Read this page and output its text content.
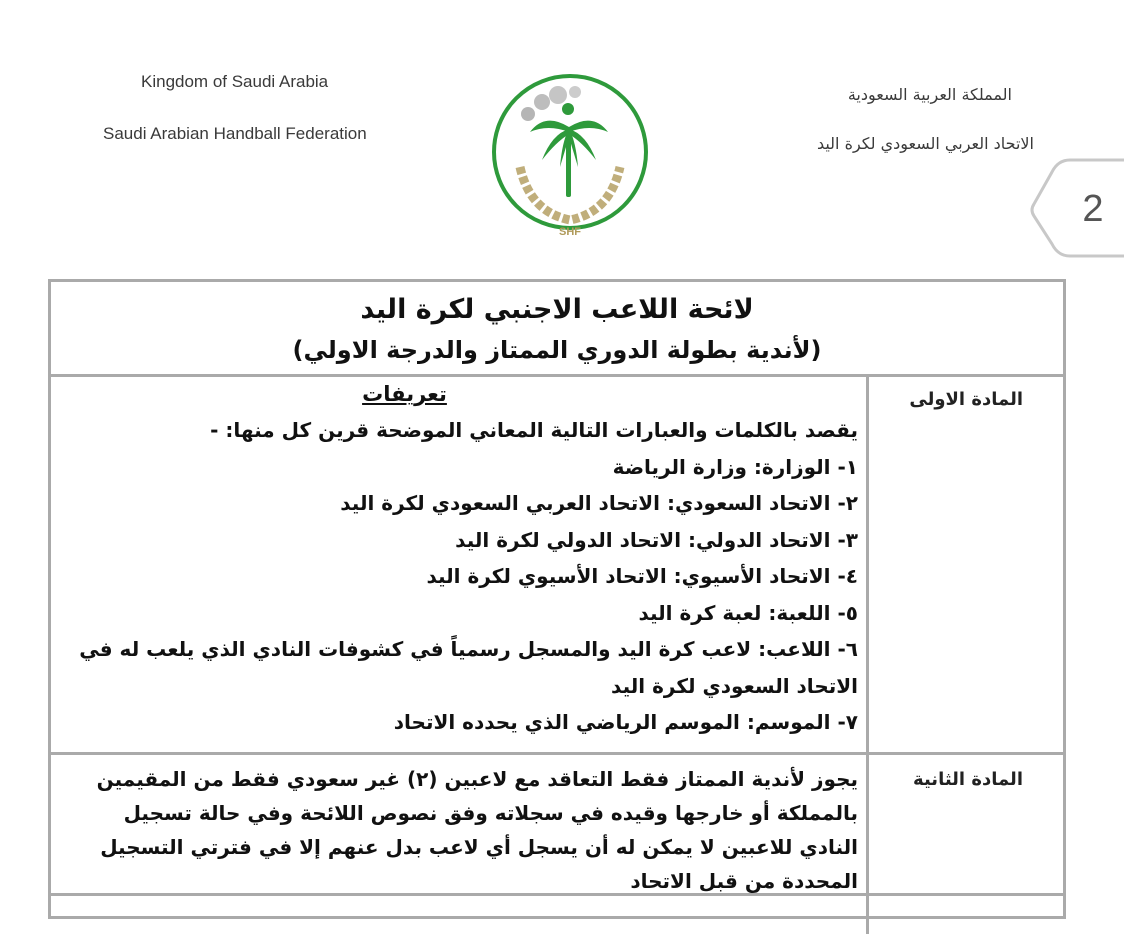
Kingdom of Saudi Arabia
Saudi Arabian Handball Federation
المملكة العربية السعودية
الاتحاد العربي السعودي لكرة اليد
SHF
2
لائحة اللاعب الاجنبي لكرة اليد
(لأندية بطولة الدوري الممتاز والدرجة الاولي)
المادة الاولى
المادة الثانية
تعريفات
يقصد بالكلمات والعبارات التالية المعاني الموضحة قرين كل منها: -
١- الوزارة: وزارة الرياضة
٢- الاتحاد السعودي: الاتحاد العربي السعودي لكرة اليد
٣- الاتحاد الدولي: الاتحاد الدولي لكرة اليد
٤- الاتحاد الأسيوي: الاتحاد الأسيوي لكرة اليد
٥- اللعبة: لعبة كرة اليد
٦- اللاعب: لاعب كرة اليد والمسجل رسمياً في كشوفات النادي الذي يلعب له في
الاتحاد السعودي لكرة اليد
٧- الموسم: الموسم الرياضي الذي يحدده الاتحاد
يجوز لأندية الممتاز فقط التعاقد مع لاعبين (٢) غير سعودي فقط من المقيمين
بالمملكة أو خارجها وقيده في سجلاته وفق نصوص اللائحة وفي حالة تسجيل
النادي للاعبين لا يمكن له أن يسجل أي لاعب بدل عنهم إلا في فترتي التسجيل
المحددة من قبل الاتحاد
